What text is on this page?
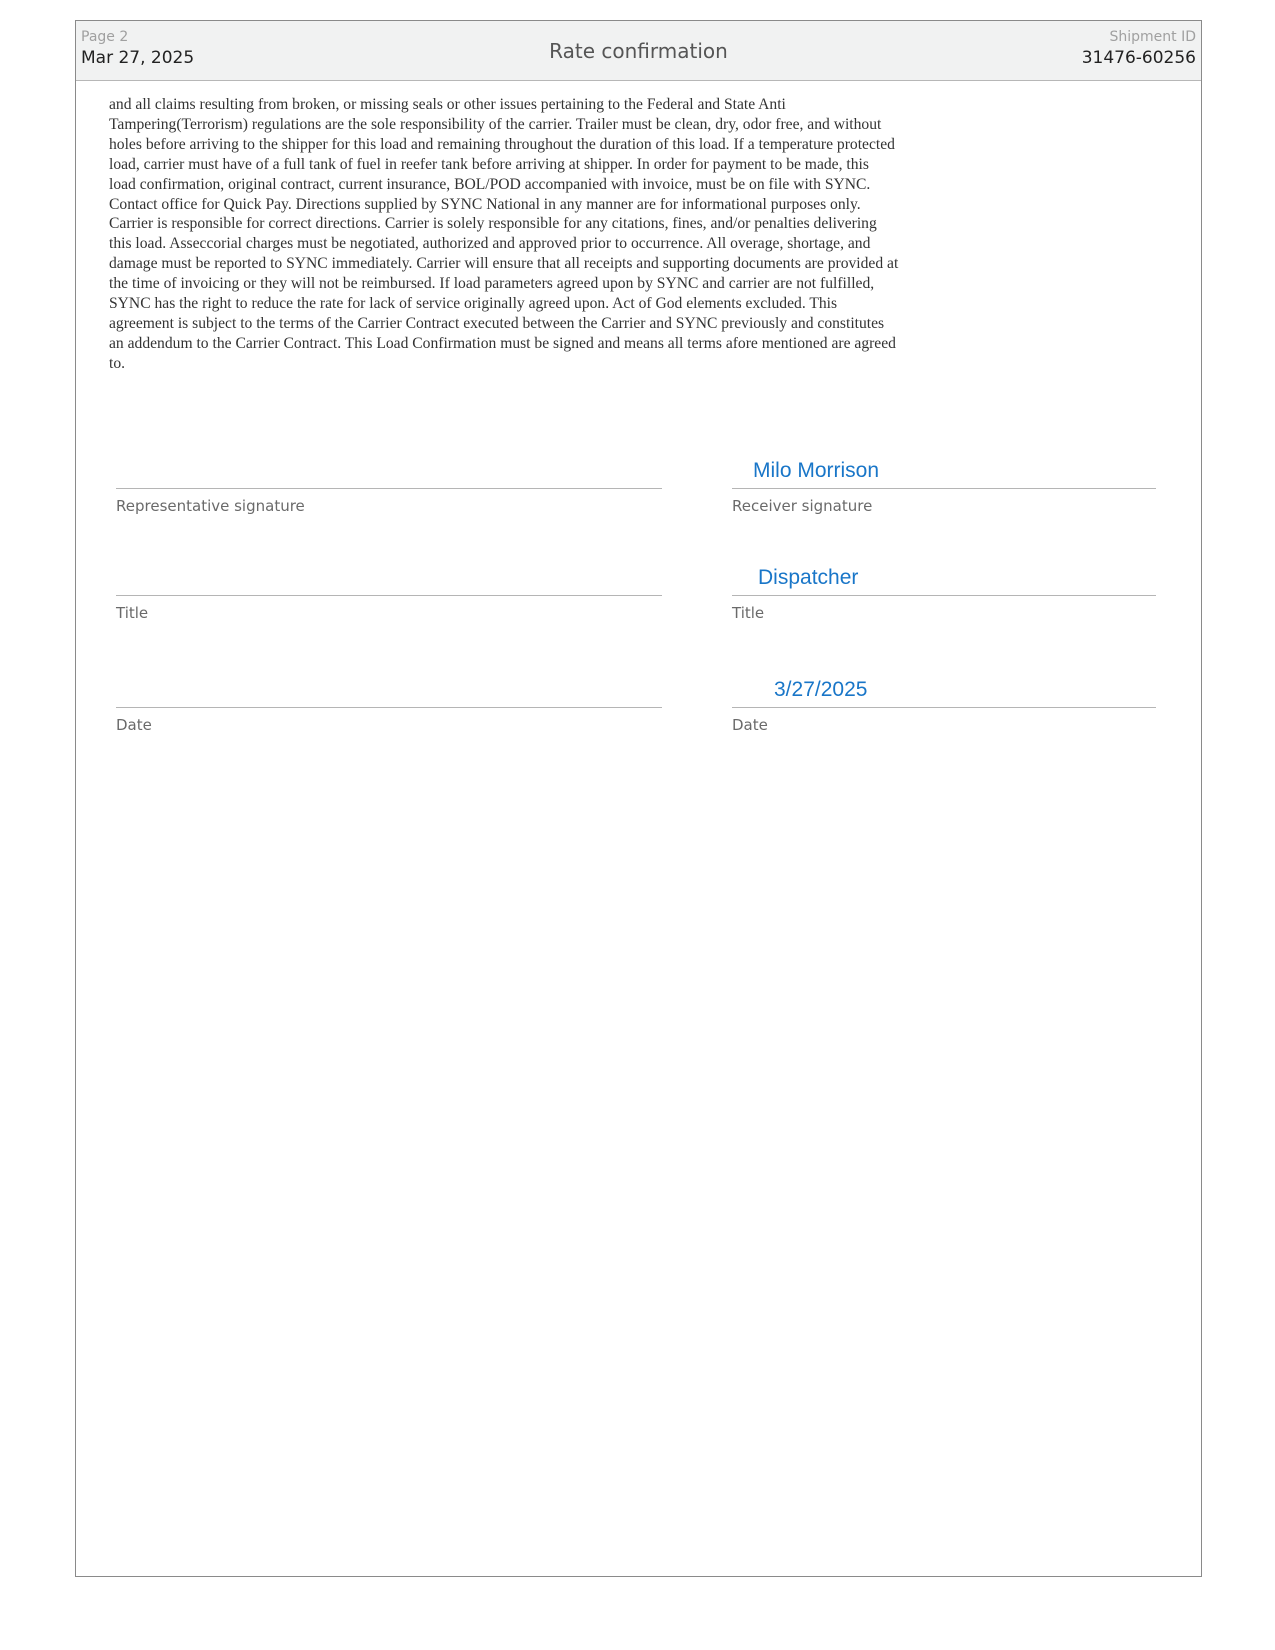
Page 2
Mar 27, 2025	Rate confirmation
Shipment ID
31476-60256
and all claims resulting from broken, or missing seals or other issues pertaining to the Federal and State Anti Tampering(Terrorism) regulations are the sole responsibility of the carrier. Trailer must be clean, dry, odor free, and without holes before arriving to the shipper for this load and remaining throughout the duration of this load. If a temperature protected load, carrier must have of a full tank of fuel in reefer tank before arriving at shipper. In order for payment to be made, this load confirmation, original contract, current insurance, BOL/POD accompanied with invoice, must be on file with SYNC. Contact office for Quick Pay. Directions supplied by SYNC National in any manner are for informational purposes only. Carrier is responsible for correct directions. Carrier is solely responsible for any citations, fines, and/or penalties delivering this load. Asseccorial charges must be negotiated, authorized and approved prior to occurrence. All overage, shortage, and damage must be reported to SYNC immediately. Carrier will ensure that all receipts and supporting documents are provided at the time of invoicing or they will not be reimbursed. If load parameters agreed upon by SYNC and carrier are not fulfilled, SYNC has the right to reduce the rate for lack of service originally agreed upon. Act of God elements excluded. This agreement is subject to the terms of the Carrier Contract executed between the Carrier and SYNC previously and constitutes an addendum to the Carrier Contract. This Load Confirmation must be signed and means all terms afore mentioned are agreed to.
Representative signature
Title
Date
Milo Morrison
Receiver signature
Dispatcher
Title
3/27/2025
Date
